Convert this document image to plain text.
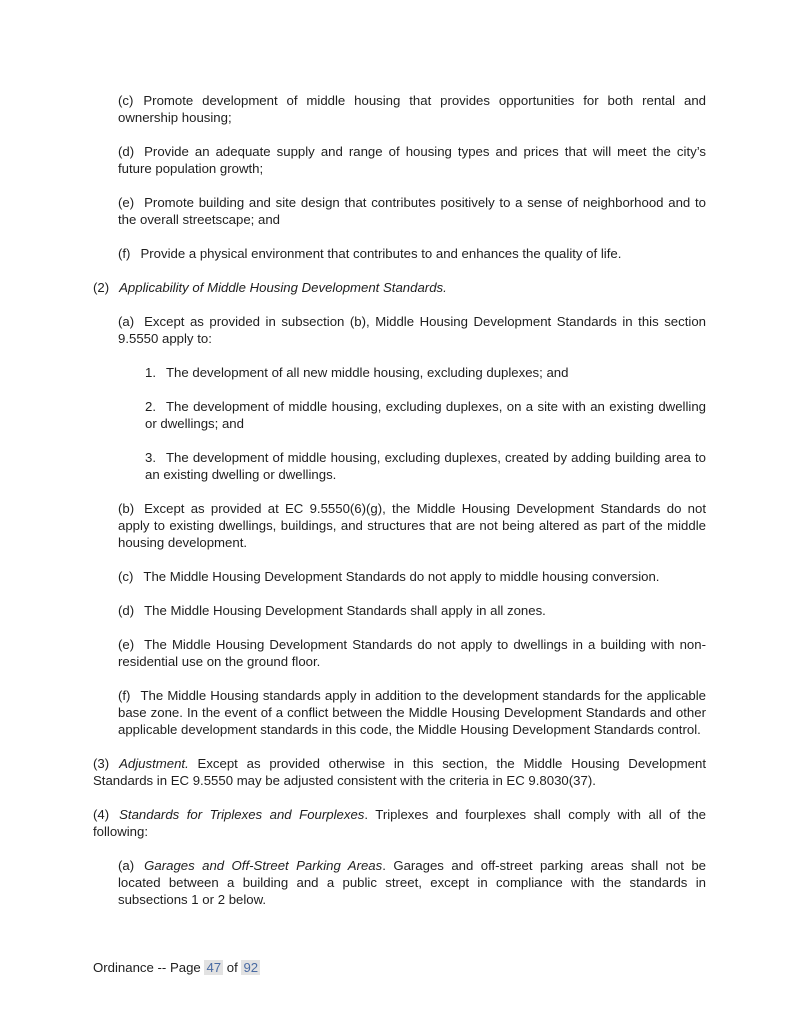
(c) Promote development of middle housing that provides opportunities for both rental and ownership housing;

(d) Provide an adequate supply and range of housing types and prices that will meet the city’s future population growth;

(e) Promote building and site design that contributes positively to a sense of neighborhood and to the overall streetscape; and

(f) Provide a physical environment that contributes to and enhances the quality of life.

(2) Applicability of Middle Housing Development Standards.

(a) Except as provided in subsection (b), Middle Housing Development Standards in this section 9.5550 apply to:

1. The development of all new middle housing, excluding duplexes; and

2. The development of middle housing, excluding duplexes, on a site with an existing dwelling or dwellings; and

3. The development of middle housing, excluding duplexes, created by adding building area to an existing dwelling or dwellings.

(b) Except as provided at EC 9.5550(6)(g), the Middle Housing Development Standards do not apply to existing dwellings, buildings, and structures that are not being altered as part of the middle housing development.

(c) The Middle Housing Development Standards do not apply to middle housing conversion.

(d) The Middle Housing Development Standards shall apply in all zones.

(e) The Middle Housing Development Standards do not apply to dwellings in a building with non-residential use on the ground floor.

(f) The Middle Housing standards apply in addition to the development standards for the applicable base zone. In the event of a conflict between the Middle Housing Development Standards and other applicable development standards in this code, the Middle Housing Development Standards control.

(3) Adjustment. Except as provided otherwise in this section, the Middle Housing Development Standards in EC 9.5550 may be adjusted consistent with the criteria in EC 9.8030(37).

(4) Standards for Triplexes and Fourplexes. Triplexes and fourplexes shall comply with all of the following:

(a) Garages and Off-Street Parking Areas. Garages and off-street parking areas shall not be located between a building and a public street, except in compliance with the standards in subsections 1 or 2 below.

Ordinance -- Page 47 of 92
